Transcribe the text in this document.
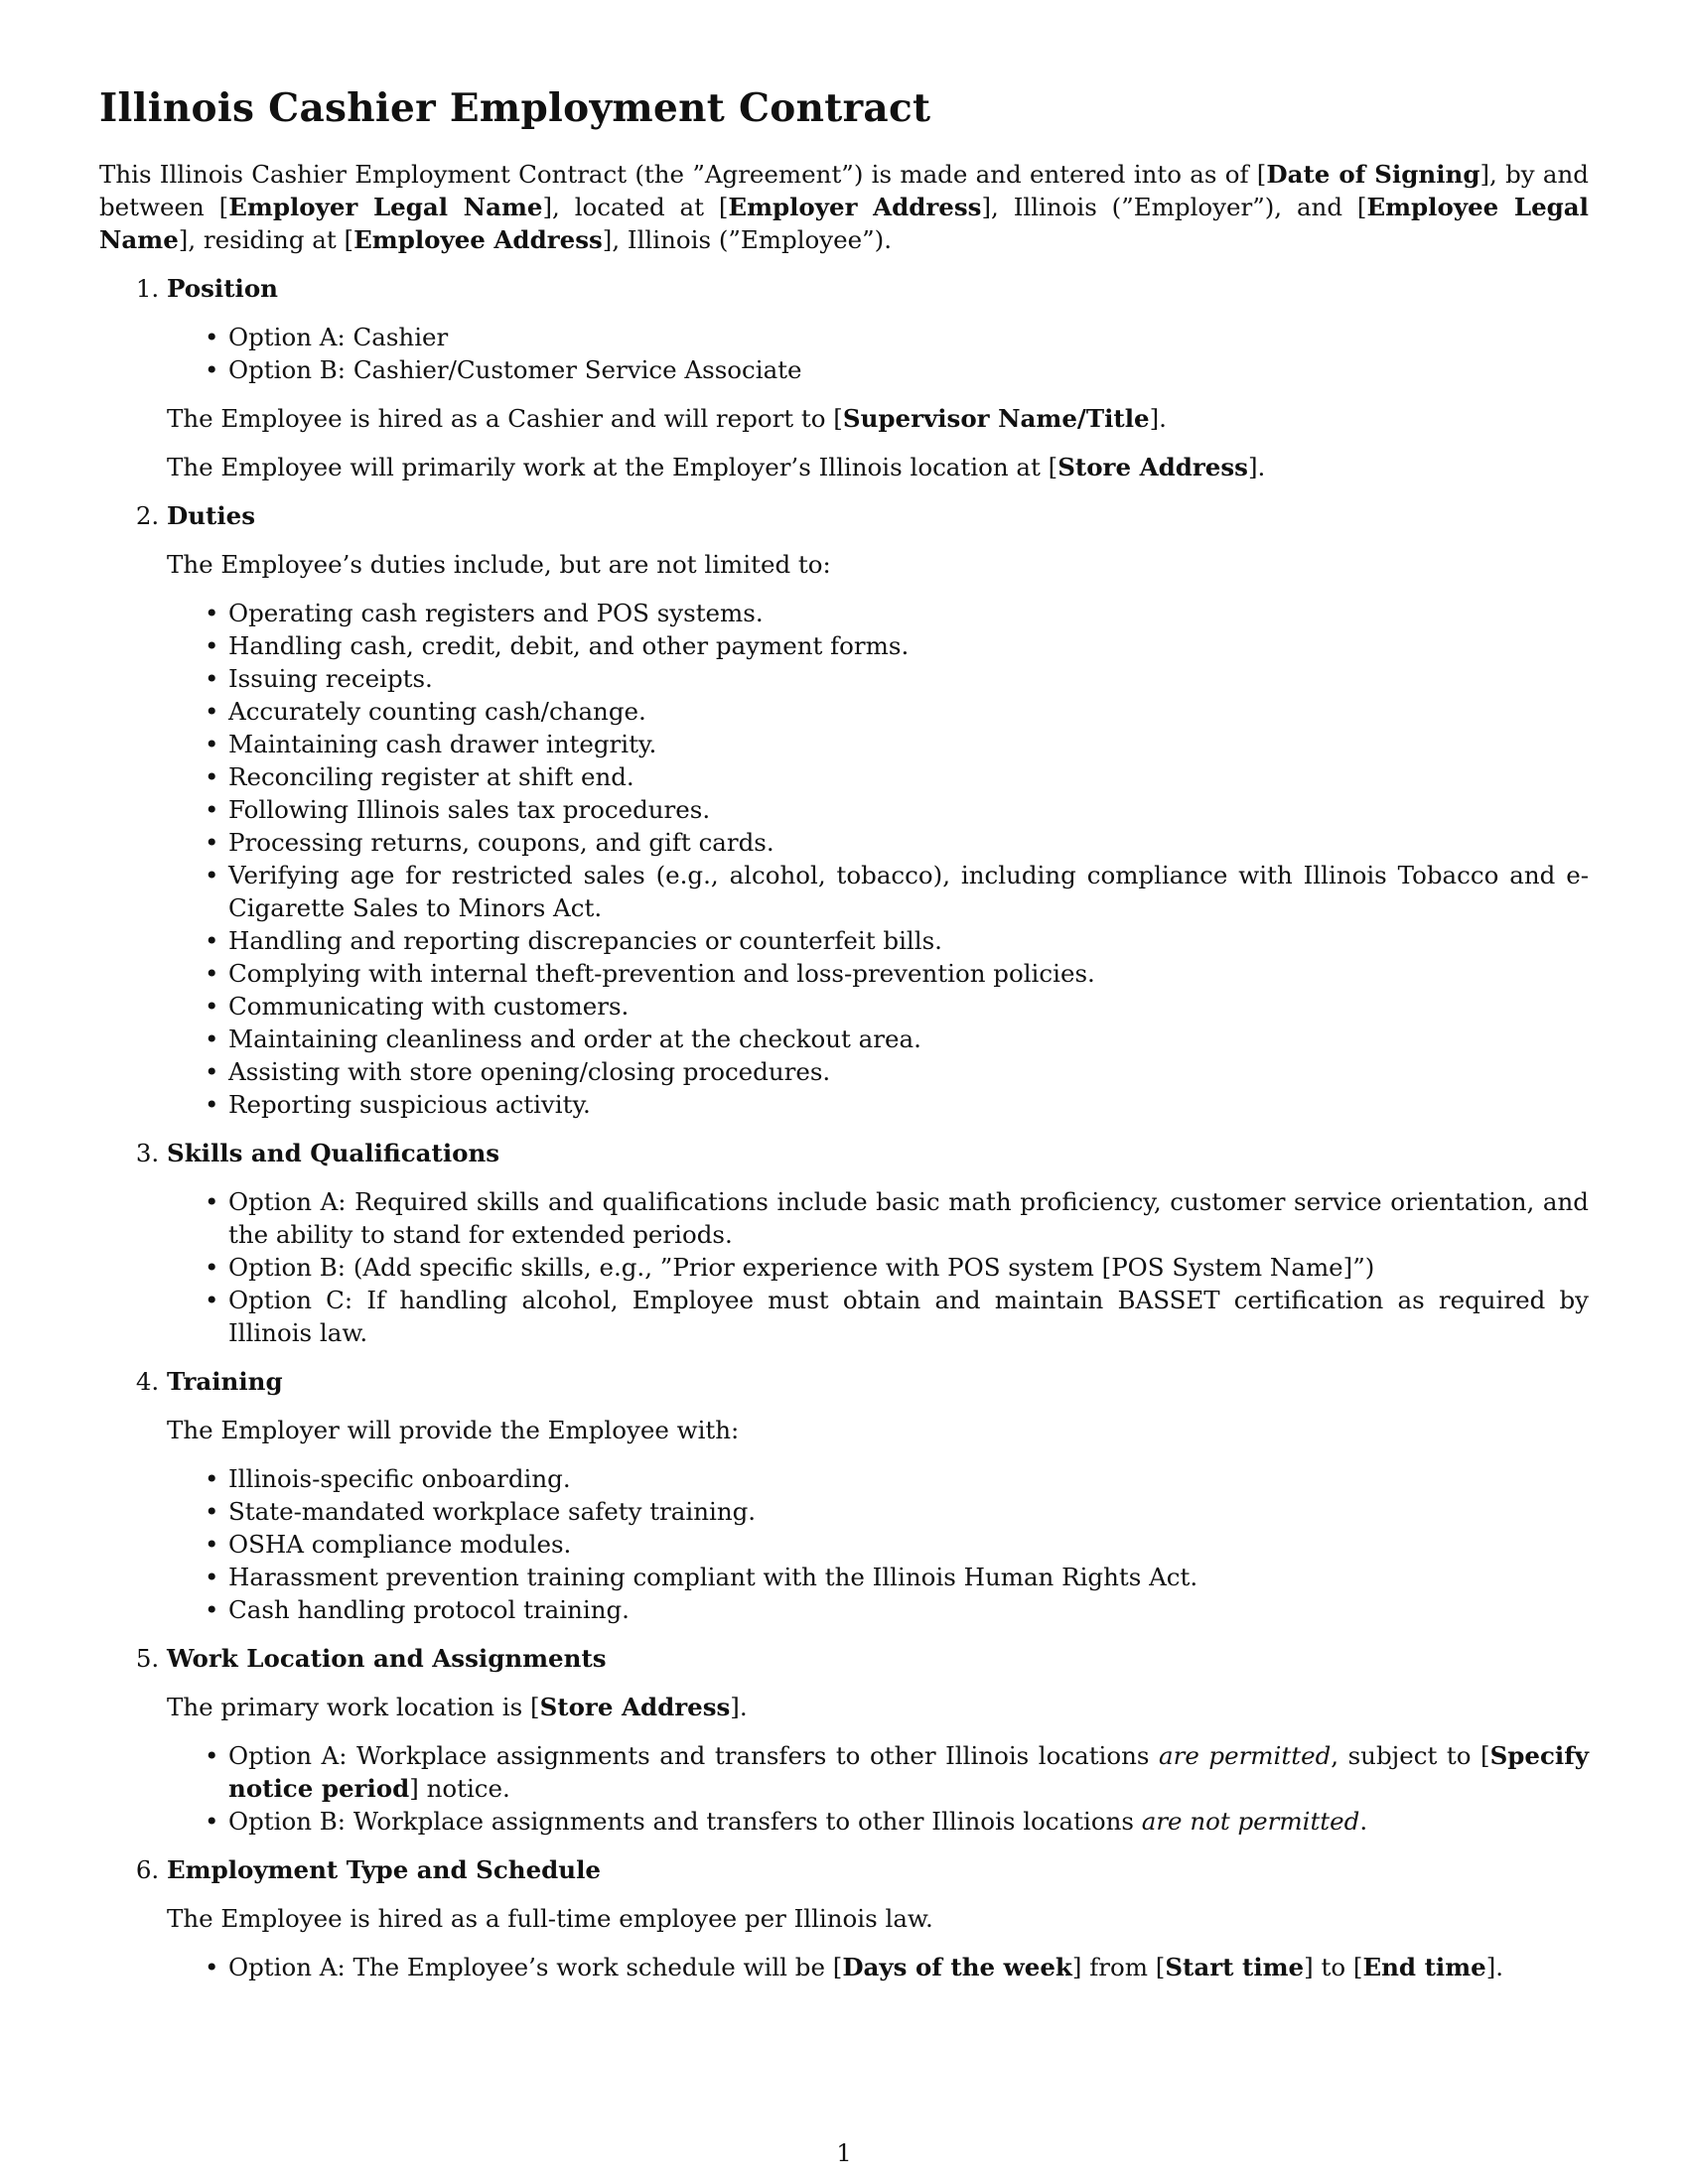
Illinois Cashier Employment Contract

This Illinois Cashier Employment Contract (the ”Agreement”) is made and entered into as of [Date of Signing], by and between [Employer Legal Name], located at [Employer Address], Illinois (”Employer”), and [Employee Legal Name], residing at [Employee Address], Illinois (”Employee”).

1. Position
• Option A: Cashier
• Option B: Cashier/Customer Service Associate

The Employee is hired as a Cashier and will report to [Supervisor Name/Title].

The Employee will primarily work at the Employer’s Illinois location at [Store Address].

2. Duties

The Employee’s duties include, but are not limited to:

• Operating cash registers and POS systems.
• Handling cash, credit, debit, and other payment forms.
• Issuing receipts.
• Accurately counting cash/change.
• Maintaining cash drawer integrity.
• Reconciling register at shift end.
• Following Illinois sales tax procedures.
• Processing returns, coupons, and gift cards.
• Verifying age for restricted sales (e.g., alcohol, tobacco), including compliance with Illinois Tobacco and e-Cigarette Sales to Minors Act.
• Handling and reporting discrepancies or counterfeit bills.
• Complying with internal theft-prevention and loss-prevention policies.
• Communicating with customers.
• Maintaining cleanliness and order at the checkout area.
• Assisting with store opening/closing procedures.
• Reporting suspicious activity.
3. Skills and Qualifications
• Option A: Required skills and qualifications include basic math proficiency, customer service orientation, and the ability to stand for extended periods.
• Option B: (Add specific skills, e.g., ”Prior experience with POS system [POS System Name]”)
• Option C: If handling alcohol, Employee must obtain and maintain BASSET certification as required by Illinois law.
4. Training

The Employer will provide the Employee with:

• Illinois-specific onboarding.
• State-mandated workplace safety training.
• OSHA compliance modules.
• Harassment prevention training compliant with the Illinois Human Rights Act.
• Cash handling protocol training.
5. Work Location and Assignments

The primary work location is [Store Address].

• Option A: Workplace assignments and transfers to other Illinois locations are permitted, subject to [Specify notice period] notice.
• Option B: Workplace assignments and transfers to other Illinois locations are not permitted.
6. Employment Type and Schedule

The Employee is hired as a full-time employee per Illinois law.

• Option A: The Employee’s work schedule will be [Days of the week] from [Start time] to [End time].
1
